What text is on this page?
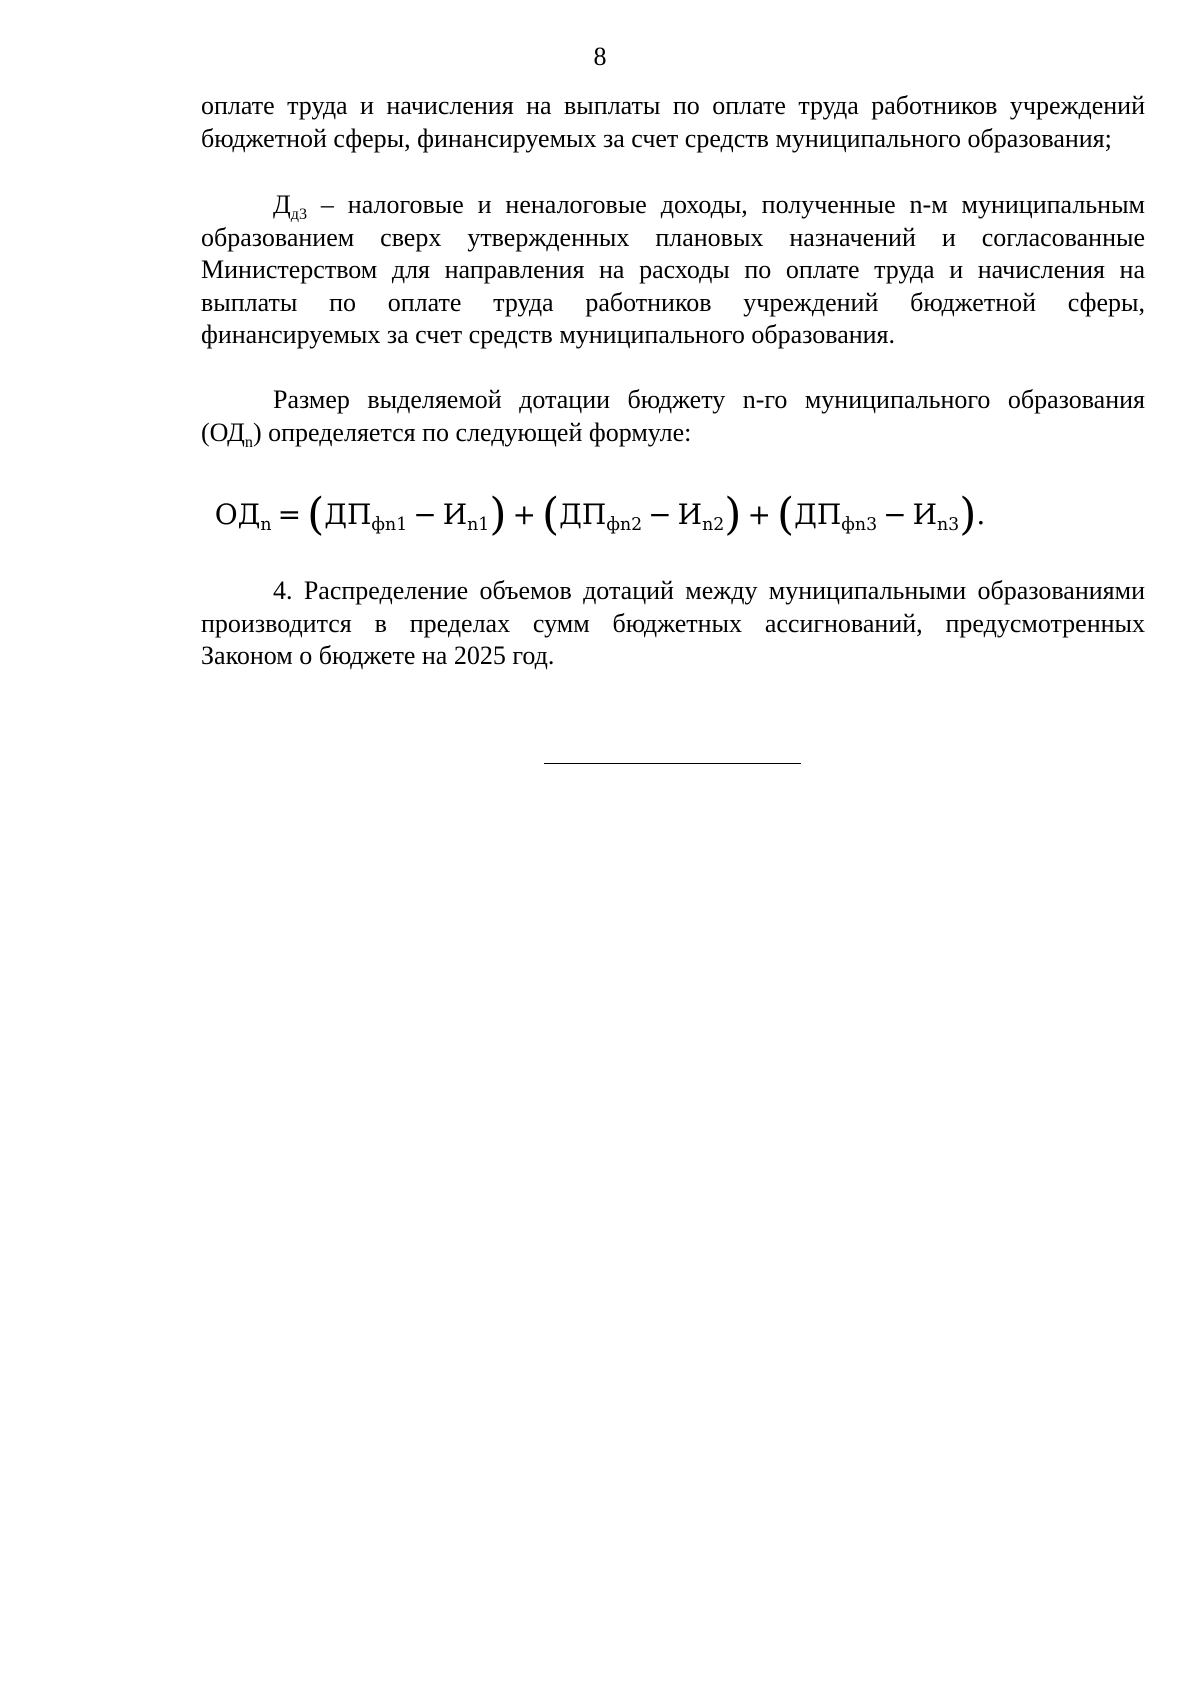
8

оплате труда и начисления на выплаты по оплате труда работников учреждений бюджетной сферы, финансируемых за счет средств муниципального образования;

$Д_{д3}$ – налоговые и неналоговые доходы, полученные n-м муниципальным образованием сверх утвержденных плановых назначений и согласованные Министерством для направления на расходы по оплате труда и начисления на выплаты по оплате труда работников учреждений бюджетной сферы, финансируемых за счет средств муниципального образования.

Размер выделяемой дотации бюджету n-го муниципального образования $(ОД_n)$ определяется по следующей формуле:

$ОД_n = (ДП_{фn1} - И_{n1}) + (ДП_{фn2} - И_{n2}) + (ДП_{фn3} - И_{n3})$.

4. Распределение объемов дотаций между муниципальными образованиями производится в пределах сумм бюджетных ассигнований, предусмотренных Законом о бюджете на 2025 год.
